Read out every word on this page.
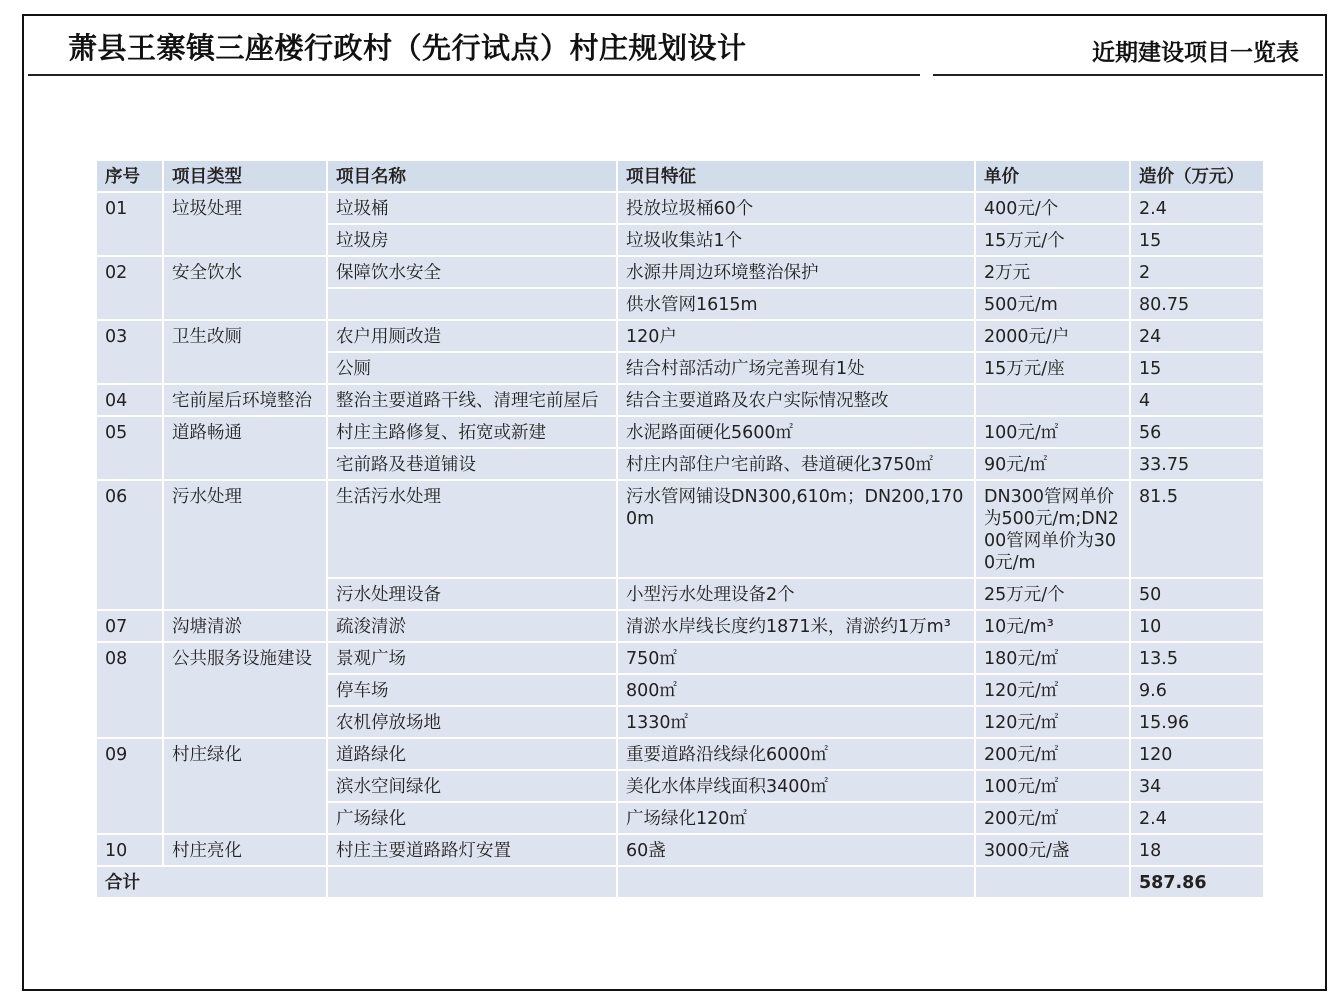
萧县王寨镇三座楼行政村（先行试点）村庄规划设计	近期建设项目一览表
序号	项目类型	项目名称	项目特征	单价	造价（万元）
01	垃圾处理	垃圾桶	投放垃圾桶60个	400元/个	2.4
		垃圾房	垃圾收集站1个	15万元/个	15
02	安全饮水	保障饮水安全	水源井周边环境整治保护	2万元	2
			供水管网1615m	500元/m	80.75
03	卫生改厕	农户用厕改造	120户	2000元/户	24
		公厕	结合村部活动广场完善现有1处	15万元/座	15
04	宅前屋后环境整治	整治主要道路干线、清理宅前屋后	结合主要道路及农户实际情况整改		4
05	道路畅通	村庄主路修复、拓宽或新建	水泥路面硬化5600㎡	100元/㎡	56
		宅前路及巷道铺设	村庄内部住户宅前路、巷道硬化3750㎡	90元/㎡	33.75
06	污水处理	生活污水处理	污水管网铺设DN300,610m；DN200,1700m	DN300管网单价为500元/m;DN200管网单价为300元/m	81.5
		污水处理设备	小型污水处理设备2个	25万元/个	50
07	沟塘清淤	疏浚清淤	清淤水岸线长度约1871米，清淤约1万m³	10元/m³	10
08	公共服务设施建设	景观广场	750㎡	180元/㎡	13.5
		停车场	800㎡	120元/㎡	9.6
		农机停放场地	1330㎡	120元/㎡	15.96
09	村庄绿化	道路绿化	重要道路沿线绿化6000㎡	200元/㎡	120
		滨水空间绿化	美化水体岸线面积3400㎡	100元/㎡	34
		广场绿化	广场绿化120㎡	200元/㎡	2.4
10	村庄亮化	村庄主要道路路灯安置	60盏	3000元/盏	18
合计					587.86
